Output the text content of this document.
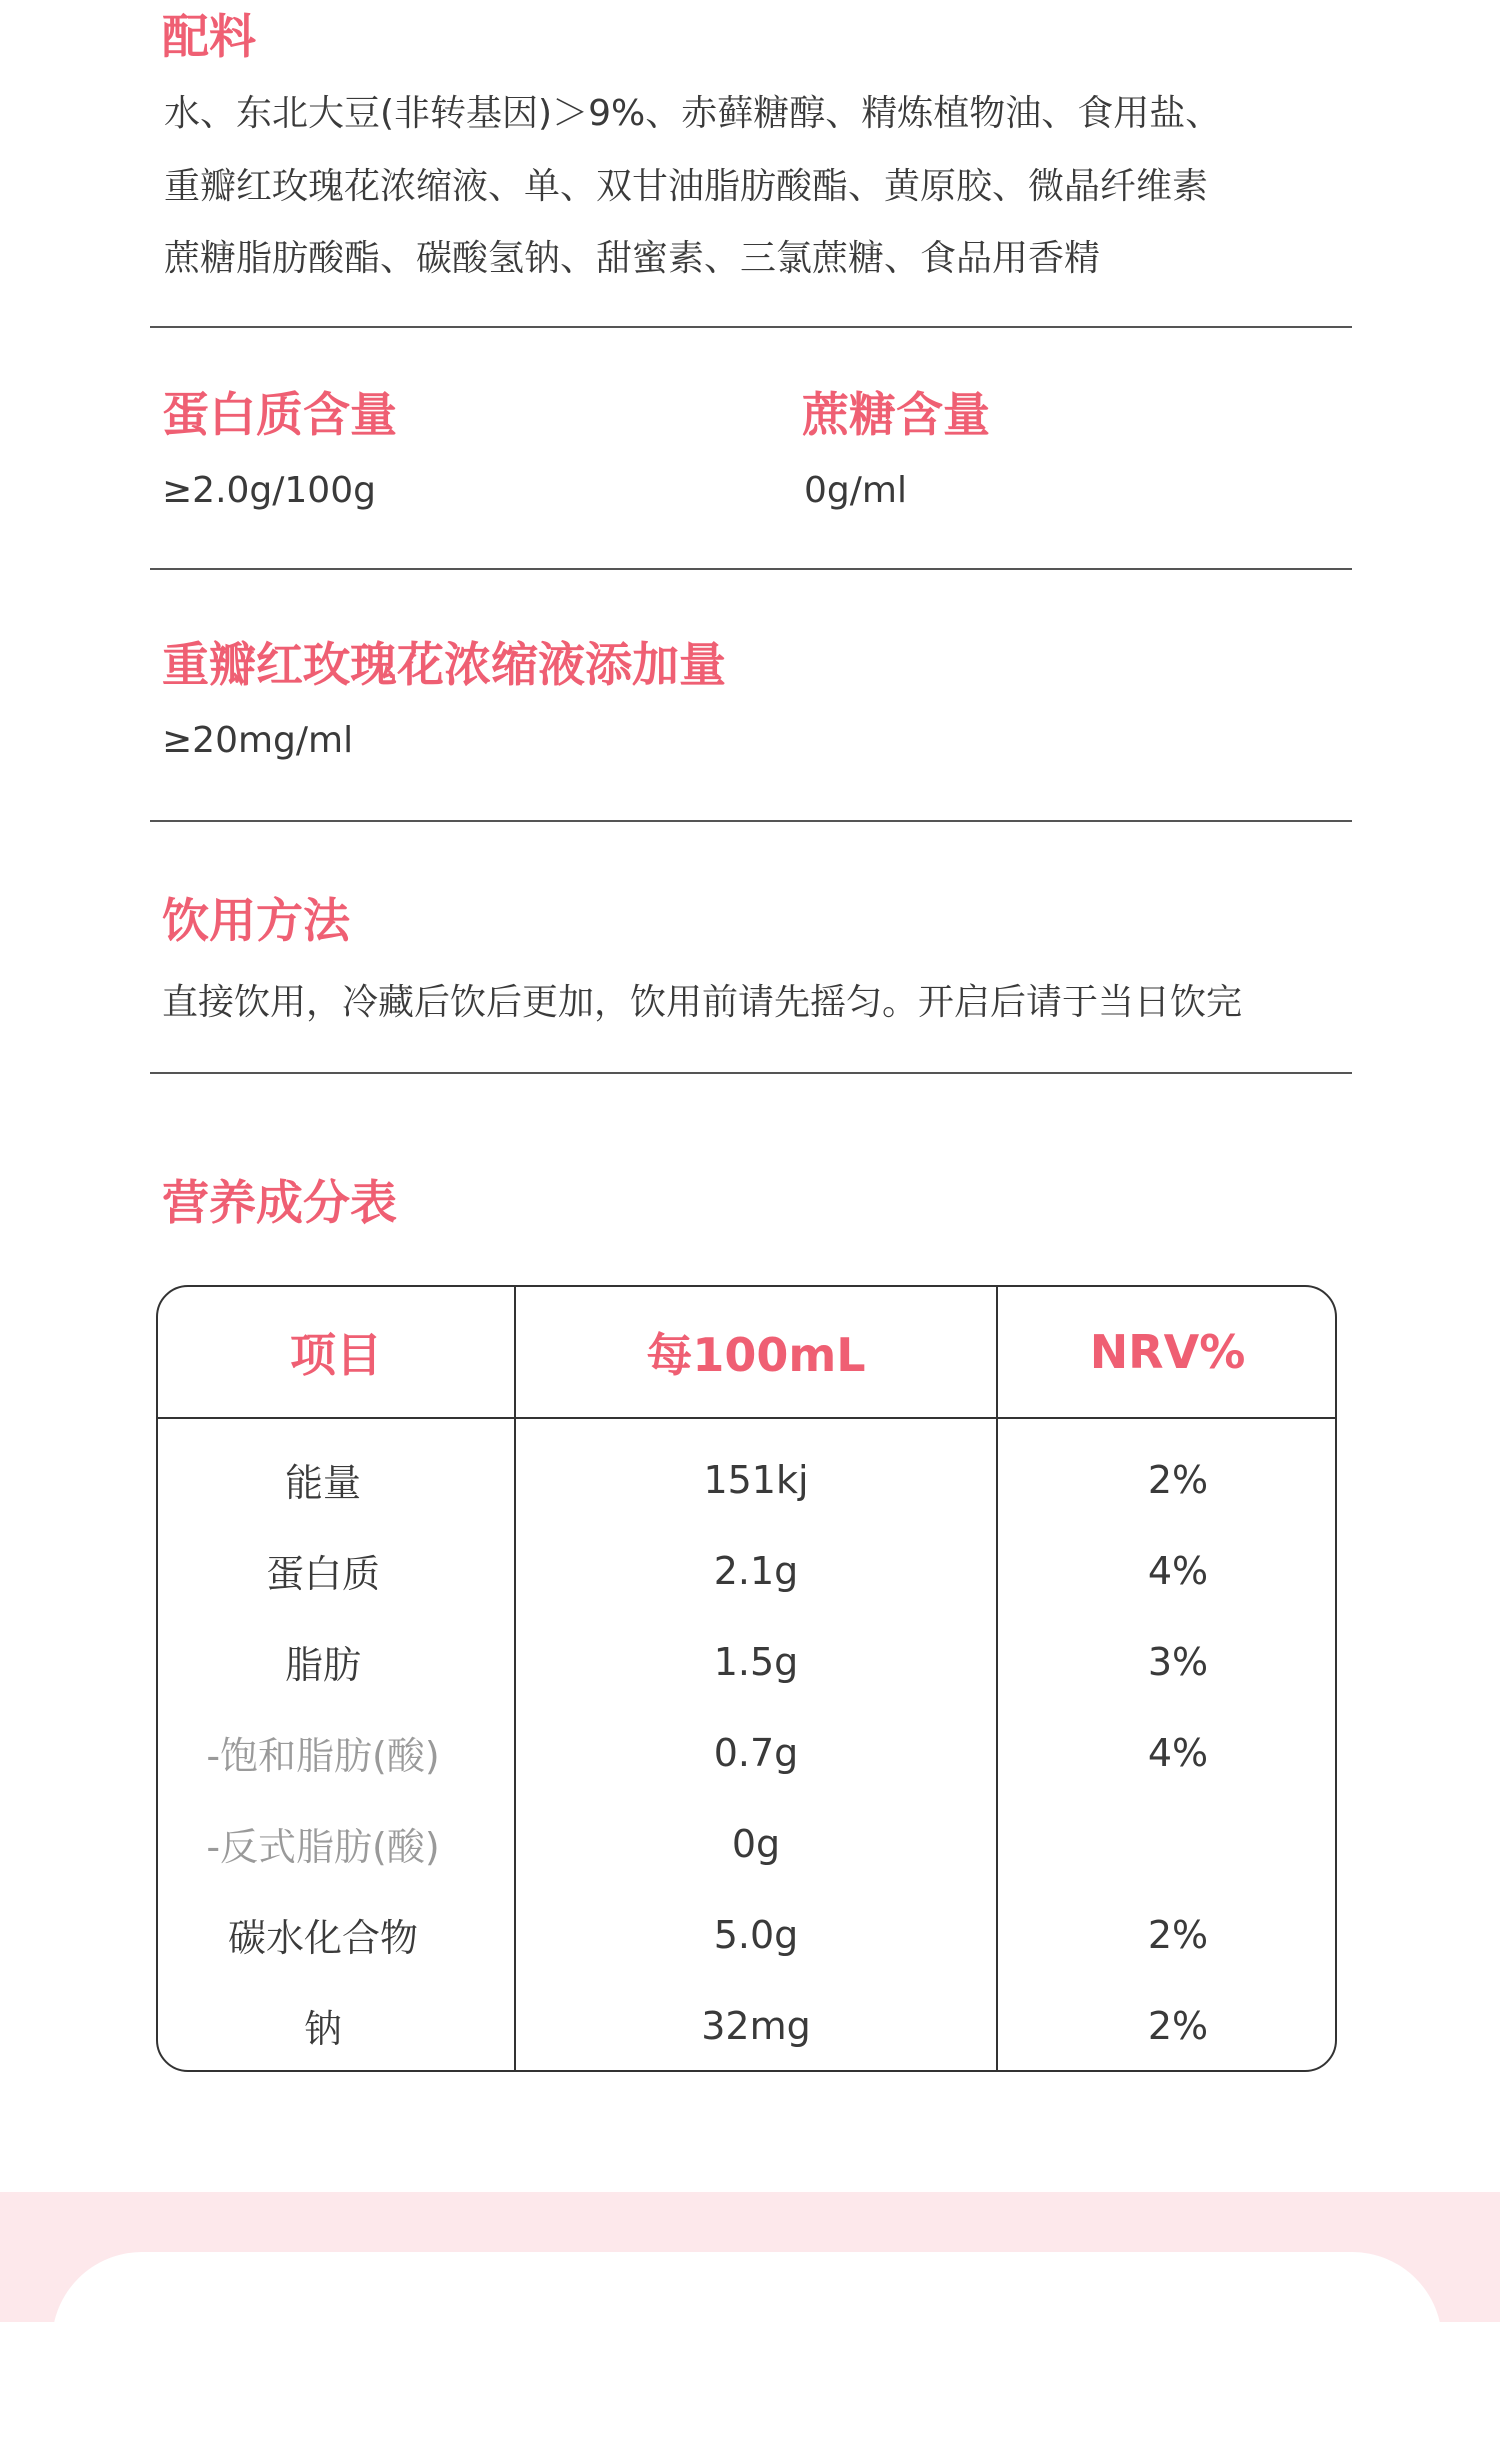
配料
水、东北大豆(非转基因)＞9%、赤藓糖醇、精炼植物油、食用盐、
重瓣红玫瑰花浓缩液、单、双甘油脂肪酸酯、黄原胶、微晶纤维素
蔗糖脂肪酸酯、碳酸氢钠、甜蜜素、三氯蔗糖、食品用香精
蛋白质含量
≥2.0g/100g
蔗糖含量
0g/ml
重瓣红玫瑰花浓缩液添加量
≥20mg/ml
饮用方法
直接饮用，冷藏后饮后更加，饮用前请先摇匀。开启后请于当日饮完
营养成分表
项目	每100mL	NRV%
能量	151kj	2%
蛋白质	2.1g	4%
脂肪	1.5g	3%
-饱和脂肪(酸)	0.7g	4%
-反式脂肪(酸)	0g
碳水化合物	5.0g	2%
钠	32mg	2%
